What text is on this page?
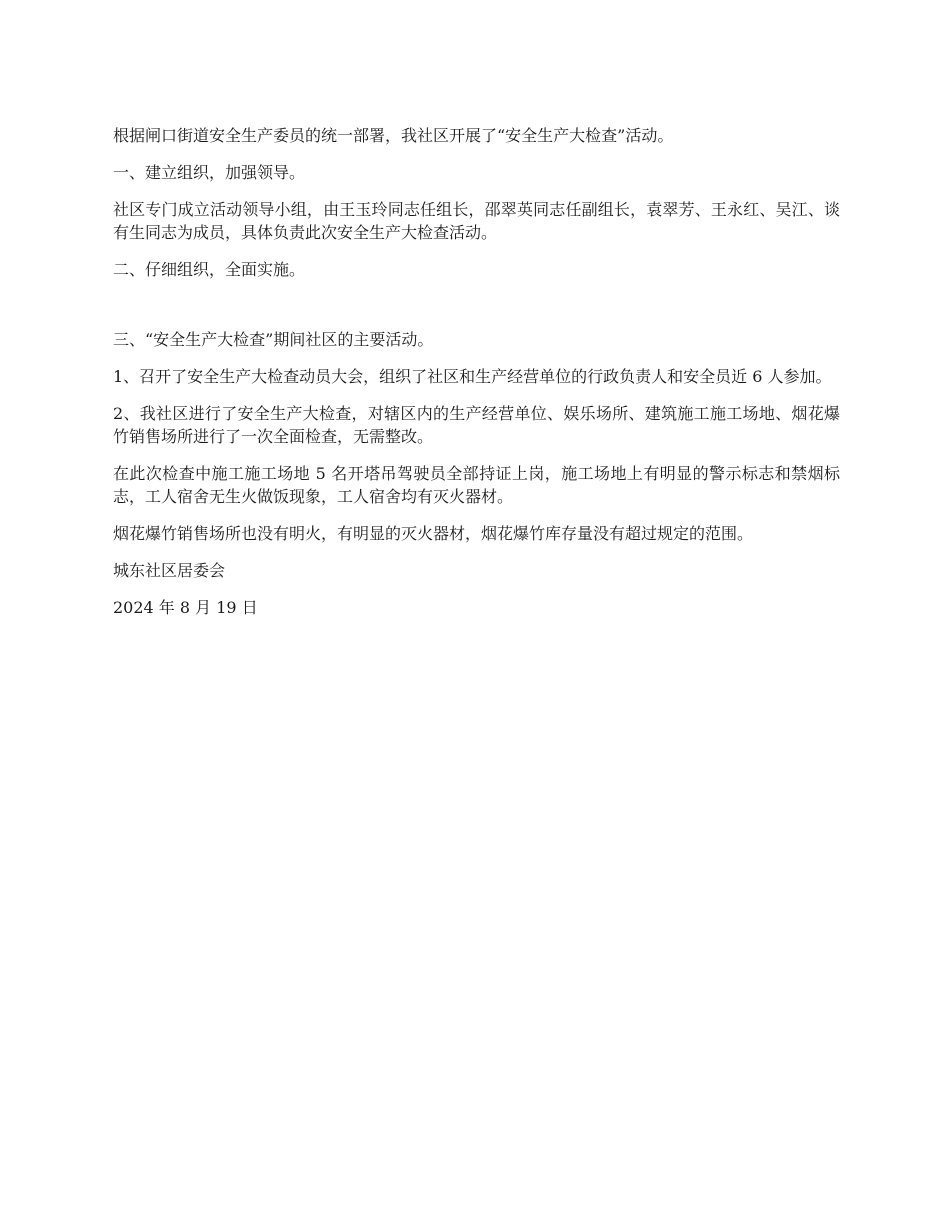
根据闸口街道安全生产委员的统一部署，我社区开展了“安全生产大检查”活动。

一、建立组织，加强领导。

社区专门成立活动领导小组，由王玉玲同志任组长，邵翠英同志任副组长，袁翠芳、王永红、吴江、谈有生同志为成员，具体负责此次安全生产大检查活动。

二、仔细组织，全面实施。

三、“安全生产大检查”期间社区的主要活动。

1、召开了安全生产大检查动员大会，组织了社区和生产经营单位的行政负责人和安全员近 6 人参加。

2、我社区进行了安全生产大检查，对辖区内的生产经营单位、娱乐场所、建筑施工施工场地、烟花爆竹销售场所进行了一次全面检查，无需整改。

在此次检查中施工施工场地 5 名开塔吊驾驶员全部持证上岗，施工场地上有明显的警示标志和禁烟标志，工人宿舍无生火做饭现象，工人宿舍均有灭火器材。

烟花爆竹销售场所也没有明火，有明显的灭火器材，烟花爆竹库存量没有超过规定的范围。

城东社区居委会

2024 年 8 月 19 日
